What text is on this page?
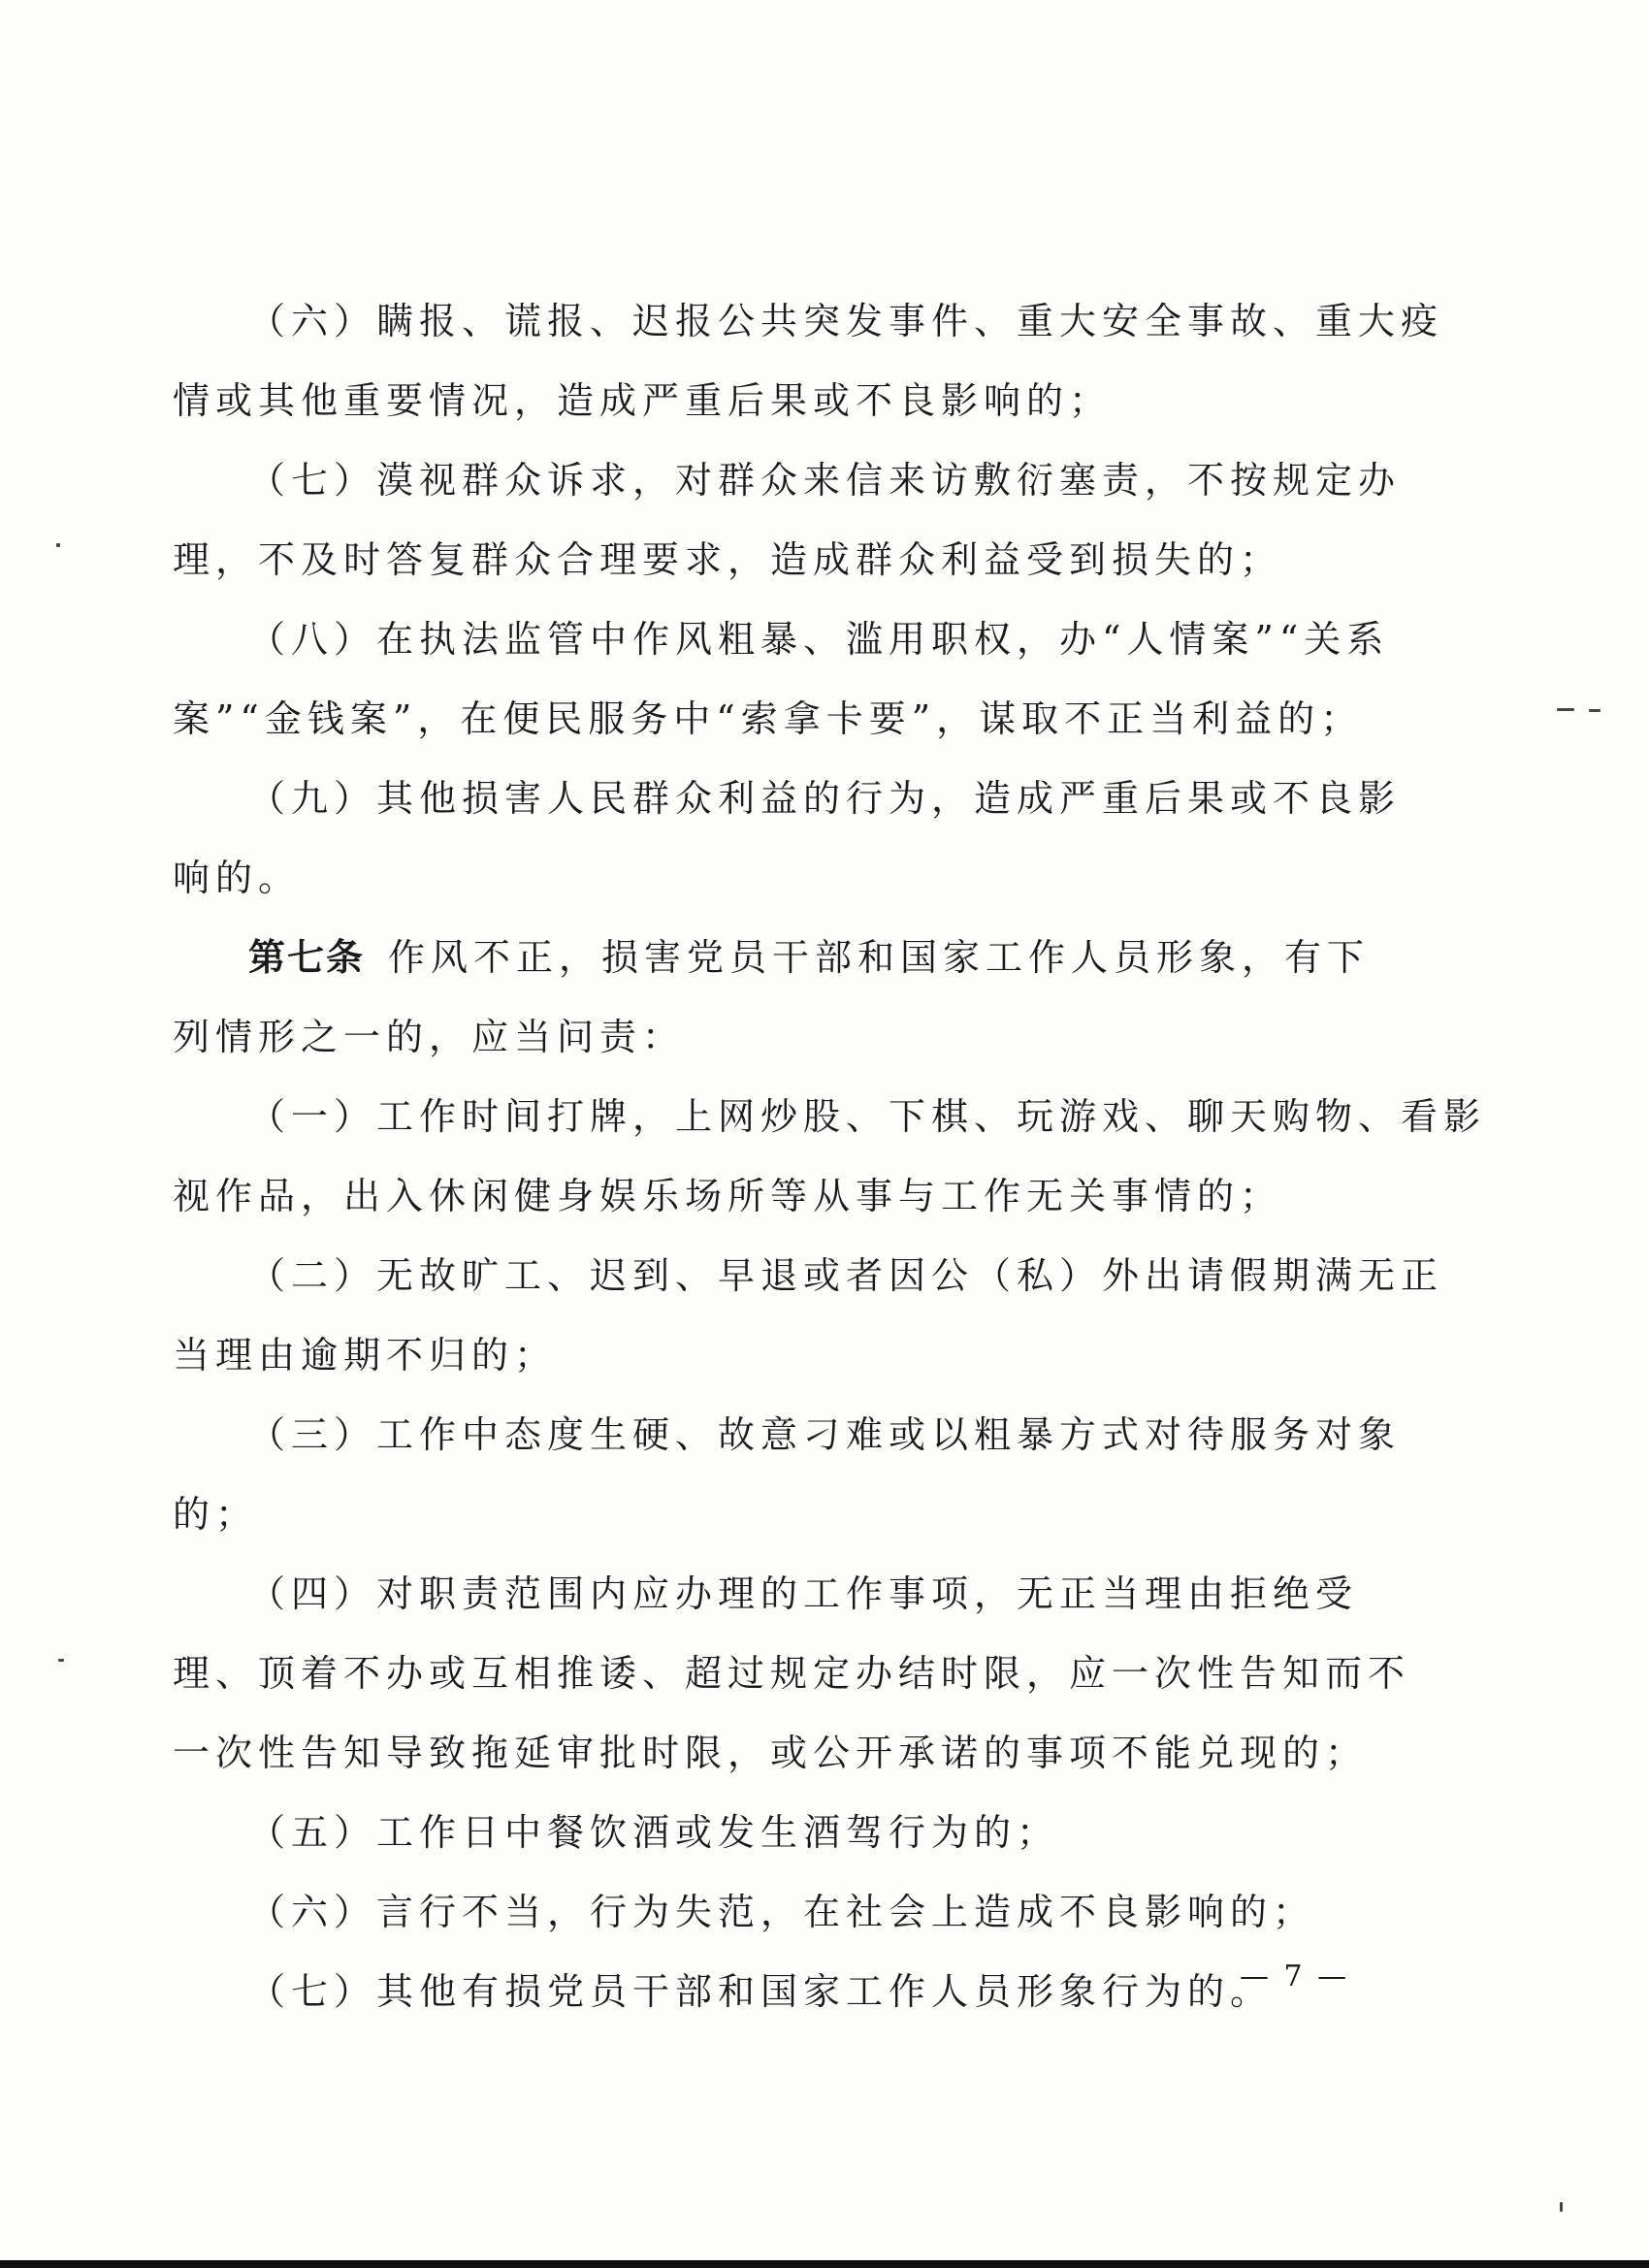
（六）瞒报、谎报、迟报公共突发事件、重大安全事故、重大疫
情或其他重要情况，造成严重后果或不良影响的；
（七）漠视群众诉求，对群众来信来访敷衍塞责，不按规定办
理，不及时答复群众合理要求，造成群众利益受到损失的；
（八）在执法监管中作风粗暴、滥用职权，办“人情案”“关系
案”“金钱案”，在便民服务中“索拿卡要”，谋取不正当利益的；
（九）其他损害人民群众利益的行为，造成严重后果或不良影
响的。
第七条 作风不正，损害党员干部和国家工作人员形象，有下
列情形之一的，应当问责：
（一）工作时间打牌，上网炒股、下棋、玩游戏、聊天购物、看影
视作品，出入休闲健身娱乐场所等从事与工作无关事情的；
（二）无故旷工、迟到、早退或者因公（私）外出请假期满无正
当理由逾期不归的；
（三）工作中态度生硬、故意刁难或以粗暴方式对待服务对象
的；
（四）对职责范围内应办理的工作事项，无正当理由拒绝受
理、顶着不办或互相推诿、超过规定办结时限，应一次性告知而不
一次性告知导致拖延审批时限，或公开承诺的事项不能兑现的；
（五）工作日中餐饮酒或发生酒驾行为的；
（六）言行不当，行为失范，在社会上造成不良影响的；
（七）其他有损党员干部和国家工作人员形象行为的。
— 7 —
